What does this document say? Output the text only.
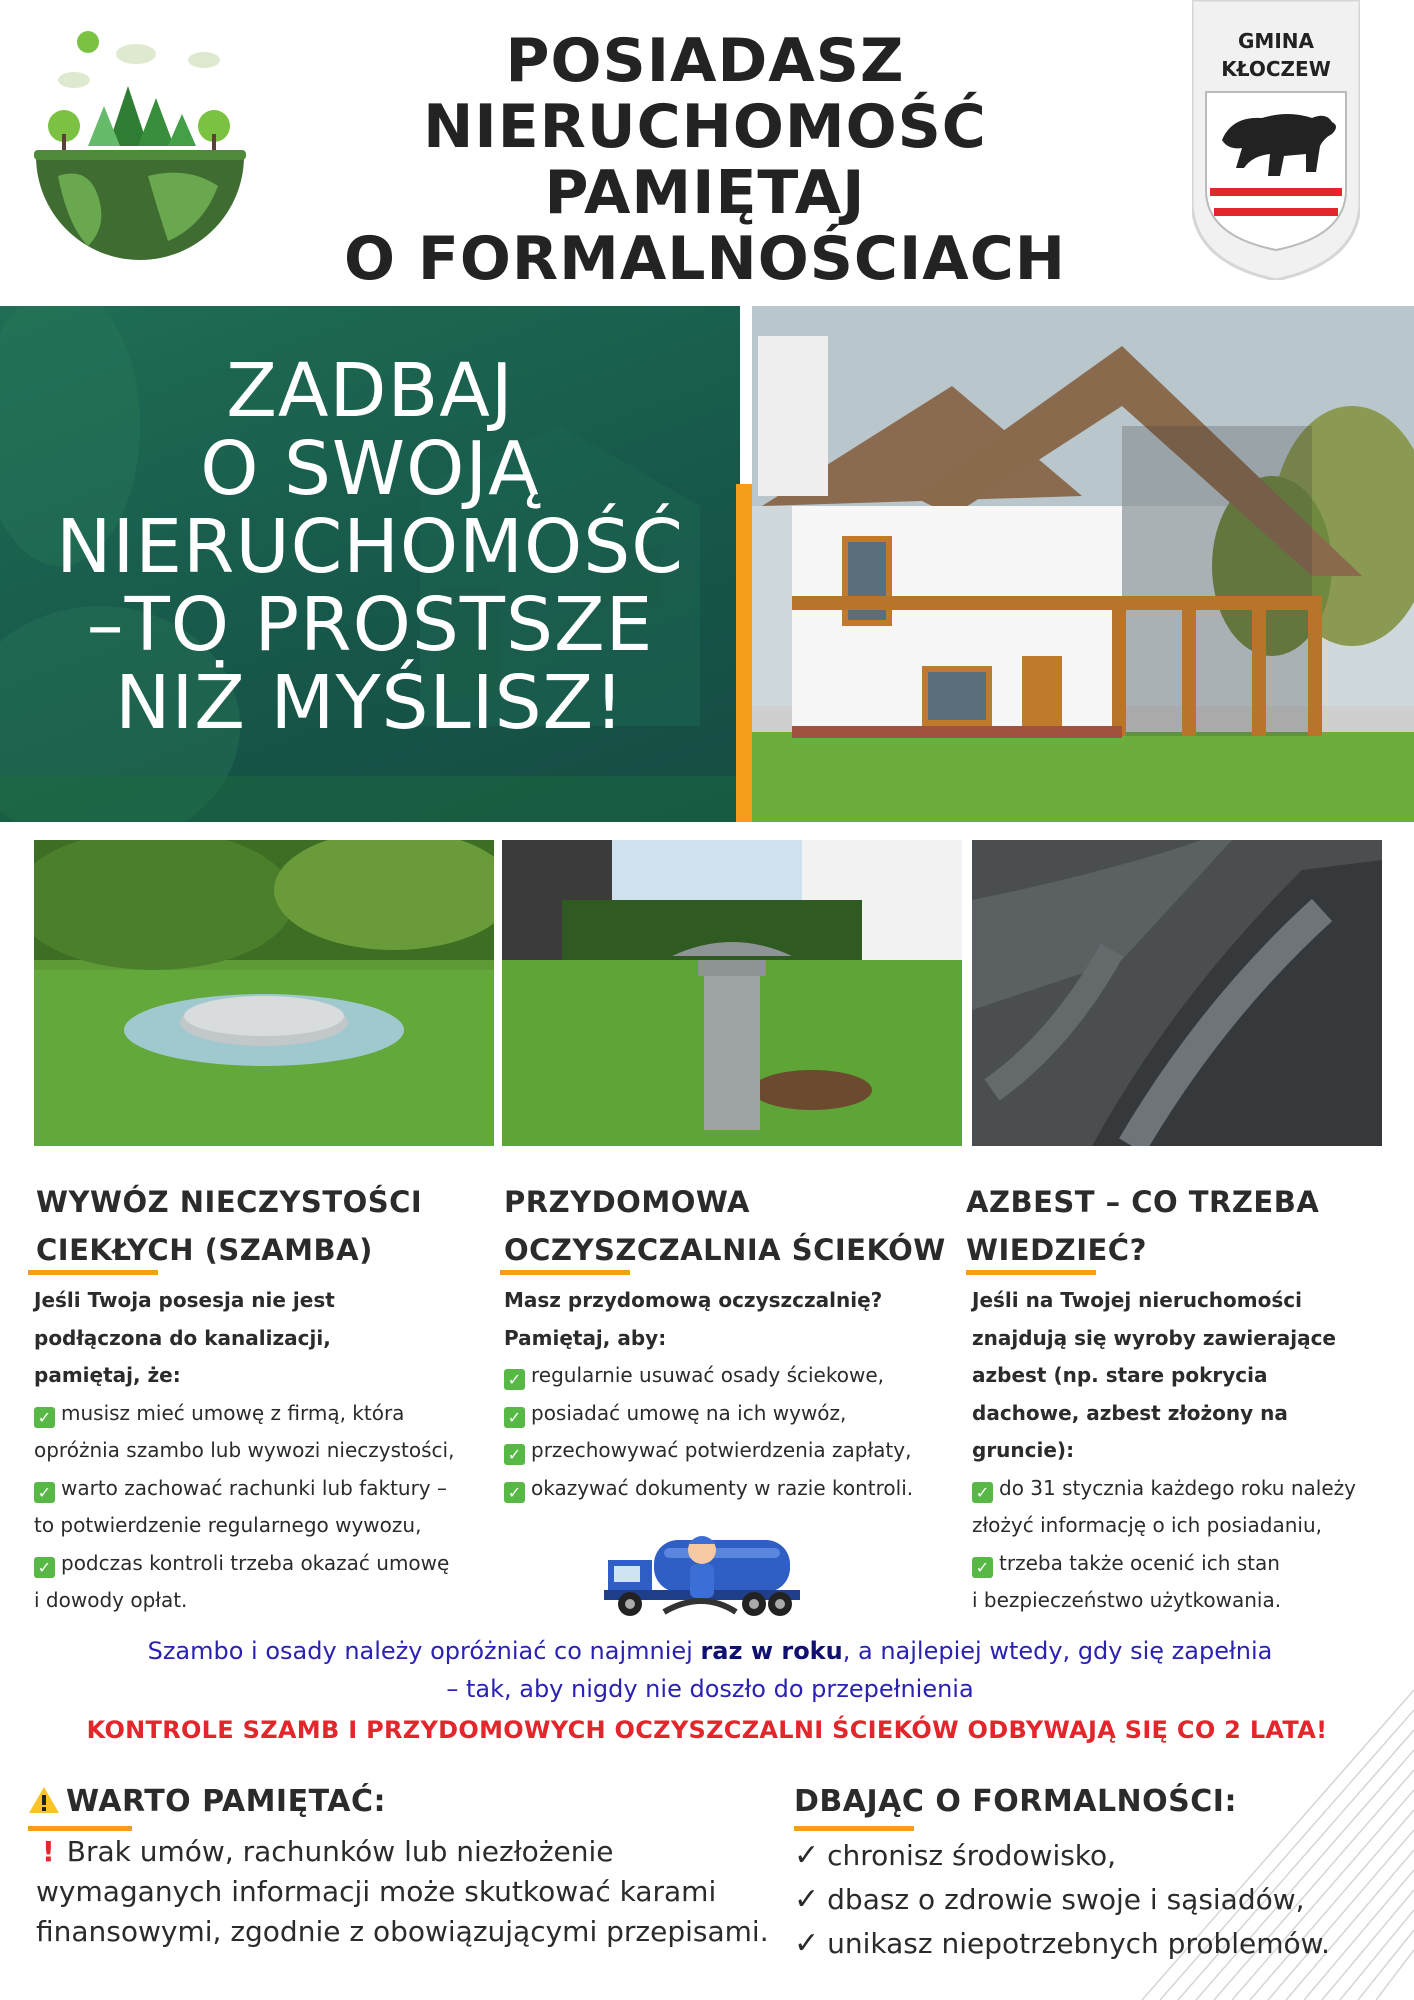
POSIADASZ
NIERUCHOMOŚĆ
PAMIĘTAJ
O FORMALNOŚCIACH
GMINA
KŁOCZEW
ZADBAJ
O SWOJĄ
NIERUCHOMOŚĆ
–TO PROSTSZE
NIŻ MYŚLISZ!
WYWÓZ NIECZYSTOŚCI
CIEKŁYCH (SZAMBA)
Jeśli Twoja posesja nie jest
podłączona do kanalizacji,
pamiętaj, że:
✓ musisz mieć umowę z firmą, która
opróżnia szambo lub wywozi nieczystości,
✓ warto zachować rachunki lub faktury –
to potwierdzenie regularnego wywozu,
✓ podczas kontroli trzeba okazać umowę
i dowody opłat.
PRZYDOMOWA
OCZYSZCZALNIA ŚCIEKÓW
Masz przydomową oczyszczalnię?
Pamiętaj, aby:
✓ regularnie usuwać osady ściekowe,
✓ posiadać umowę na ich wywóz,
✓ przechowywać potwierdzenia zapłaty,
✓ okazywać dokumenty w razie kontroli.
AZBEST – CO TRZEBA
WIEDZIEĆ?
Jeśli na Twojej nieruchomości
znajdują się wyroby zawierające
azbest (np. stare pokrycia
dachowe, azbest złożony na
gruncie):
✓ do 31 stycznia każdego roku należy
złożyć informację o ich posiadaniu,
✓ trzeba także ocenić ich stan
i bezpieczeństwo użytkowania.
Szambo i osady należy opróżniać co najmniej raz w roku, a najlepiej wtedy, gdy się zapełnia
– tak, aby nigdy nie doszło do przepełnienia
KONTROLE SZAMB I PRZYDOMOWYCH OCZYSZCZALNI ŚCIEKÓW ODBYWAJĄ SIĘ CO 2 LATA!
WARTO PAMIĘTAĆ:
! Brak umów, rachunków lub niezłożenie
wymaganych informacji może skutkować karami
finansowymi, zgodnie z obowiązującymi przepisami.
DBAJĄC O FORMALNOŚCI:
✓ chronisz środowisko,
✓ dbasz o zdrowie swoje i sąsiadów,
✓ unikasz niepotrzebnych problemów.
